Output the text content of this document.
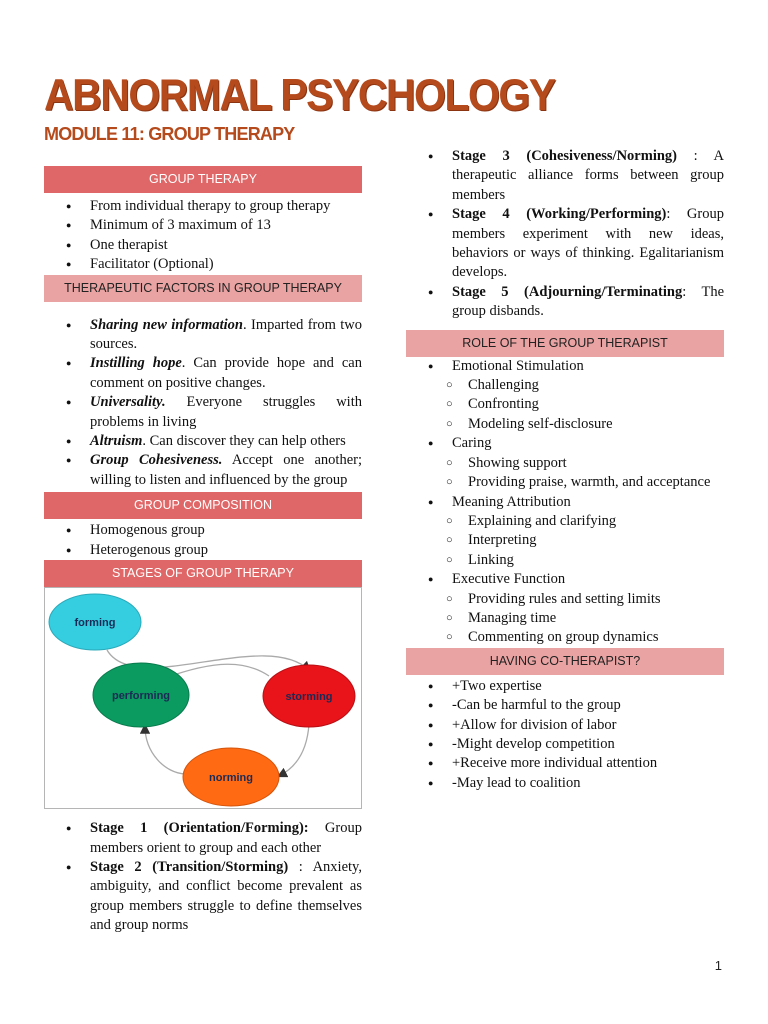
ABNORMAL PSYCHOLOGY
MODULE 11: GROUP THERAPY
GROUP THERAPY
● From individual therapy to group therapy
● Minimum of 3 maximum of 13
● One therapist
● Facilitator (Optional)
THERAPEUTIC FACTORS IN GROUP THERAPY
● Sharing new information. Imparted from two sources.
● Instilling hope. Can provide hope and can comment on positive changes.
● Universality. Everyone struggles with problems in living
● Altruism. Can discover they can help others
● Group Cohesiveness. Accept one another; willing to listen and influenced by the group
GROUP COMPOSITION
● Homogenous group
● Heterogenous group
STAGES OF GROUP THERAPY
forming
performing	storming
norming
● Stage 1 (Orientation/Forming): Group members orient to group and each other
● Stage 2 (Transition/Storming) : Anxiety, ambiguity, and conflict become prevalent as group members struggle to define themselves and group norms
● Stage 3 (Cohesiveness/Norming) : A therapeutic alliance forms between group members
● Stage 4 (Working/Performing): Group members experiment with new ideas, behaviors or ways of thinking. Egalitarianism develops.
● Stage 5 (Adjourning/Terminating: The group disbands.
ROLE OF THE GROUP THERAPIST
● Emotional Stimulation
○ Challenging
○ Confronting
○ Modeling self-disclosure
● Caring
○ Showing support
○ Providing praise, warmth, and acceptance
● Meaning Attribution
○ Explaining and clarifying
○ Interpreting
○ Linking
● Executive Function
○ Providing rules and setting limits
○ Managing time
○ Commenting on group dynamics
HAVING CO-THERAPIST?
● +Two expertise
● -Can be harmful to the group
● +Allow for division of labor
● -Might develop competition
● +Receive more individual attention
● -May lead to coalition
1
